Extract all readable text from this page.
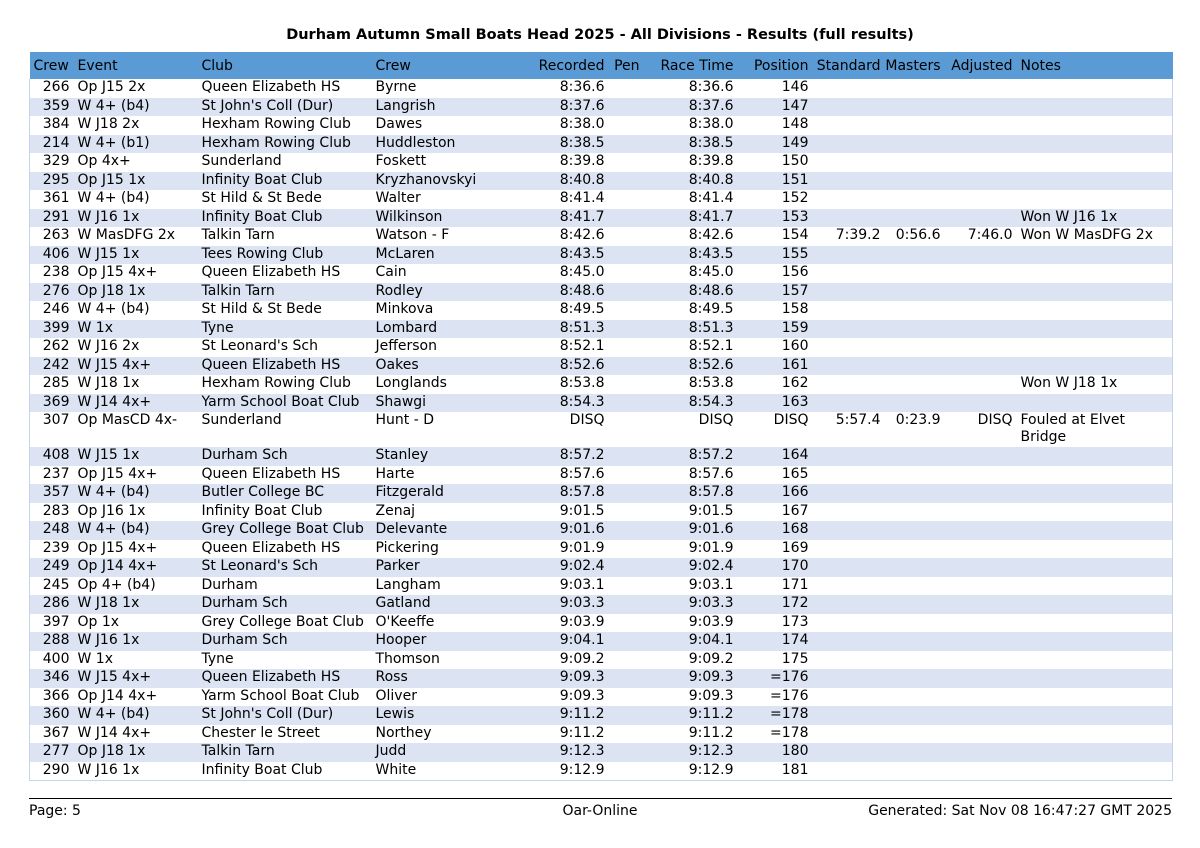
Durham Autumn Small Boats Head 2025 - All Divisions - Results (full results)
Crew	Event	Club	Crew	Recorded	Pen	Race Time	Position	Standard	Masters	Adjusted	Notes
266	Op J15 2x	Queen Elizabeth HS	Byrne	8:36.6		8:36.6	146				
359	W 4+ (b4)	St John's Coll (Dur)	Langrish	8:37.6		8:37.6	147				
384	W J18 2x	Hexham Rowing Club	Dawes	8:38.0		8:38.0	148				
214	W 4+ (b1)	Hexham Rowing Club	Huddleston	8:38.5		8:38.5	149				
329	Op 4x+	Sunderland	Foskett	8:39.8		8:39.8	150				
295	Op J15 1x	Infinity Boat Club	Kryzhanovskyi	8:40.8		8:40.8	151				
361	W 4+ (b4)	St Hild & St Bede	Walter	8:41.4		8:41.4	152				
291	W J16 1x	Infinity Boat Club	Wilkinson	8:41.7		8:41.7	153				Won W J16 1x
263	W MasDFG 2x	Talkin Tarn	Watson - F	8:42.6		8:42.6	154	7:39.2	0:56.6	7:46.0	Won W MasDFG 2x
406	W J15 1x	Tees Rowing Club	McLaren	8:43.5		8:43.5	155				
238	Op J15 4x+	Queen Elizabeth HS	Cain	8:45.0		8:45.0	156				
276	Op J18 1x	Talkin Tarn	Rodley	8:48.6		8:48.6	157				
246	W 4+ (b4)	St Hild & St Bede	Minkova	8:49.5		8:49.5	158				
399	W 1x	Tyne	Lombard	8:51.3		8:51.3	159				
262	W J16 2x	St Leonard's Sch	Jefferson	8:52.1		8:52.1	160				
242	W J15 4x+	Queen Elizabeth HS	Oakes	8:52.6		8:52.6	161				
285	W J18 1x	Hexham Rowing Club	Longlands	8:53.8		8:53.8	162				Won W J18 1x
369	W J14 4x+	Yarm School Boat Club	Shawgi	8:54.3		8:54.3	163				
307	Op MasCD 4x-	Sunderland	Hunt - D	DISQ		DISQ	DISQ	5:57.4	0:23.9	DISQ	Fouled at Elvet Bridge
408	W J15 1x	Durham Sch	Stanley	8:57.2		8:57.2	164				
237	Op J15 4x+	Queen Elizabeth HS	Harte	8:57.6		8:57.6	165				
357	W 4+ (b4)	Butler College BC	Fitzgerald	8:57.8		8:57.8	166				
283	Op J16 1x	Infinity Boat Club	Zenaj	9:01.5		9:01.5	167				
248	W 4+ (b4)	Grey College Boat Club	Delevante	9:01.6		9:01.6	168				
239	Op J15 4x+	Queen Elizabeth HS	Pickering	9:01.9		9:01.9	169				
249	Op J14 4x+	St Leonard's Sch	Parker	9:02.4		9:02.4	170				
245	Op 4+ (b4)	Durham	Langham	9:03.1		9:03.1	171				
286	W J18 1x	Durham Sch	Gatland	9:03.3		9:03.3	172				
397	Op 1x	Grey College Boat Club	O'Keeffe	9:03.9		9:03.9	173				
288	W J16 1x	Durham Sch	Hooper	9:04.1		9:04.1	174				
400	W 1x	Tyne	Thomson	9:09.2		9:09.2	175				
346	W J15 4x+	Queen Elizabeth HS	Ross	9:09.3		9:09.3	=176				
366	Op J14 4x+	Yarm School Boat Club	Oliver	9:09.3		9:09.3	=176				
360	W 4+ (b4)	St John's Coll (Dur)	Lewis	9:11.2		9:11.2	=178				
367	W J14 4x+	Chester le Street	Northey	9:11.2		9:11.2	=178				
277	Op J18 1x	Talkin Tarn	Judd	9:12.3		9:12.3	180				
290	W J16 1x	Infinity Boat Club	White	9:12.9		9:12.9	181				
Page: 5	Oar-Online	Generated: Sat Nov 08 16:47:27 GMT 2025
